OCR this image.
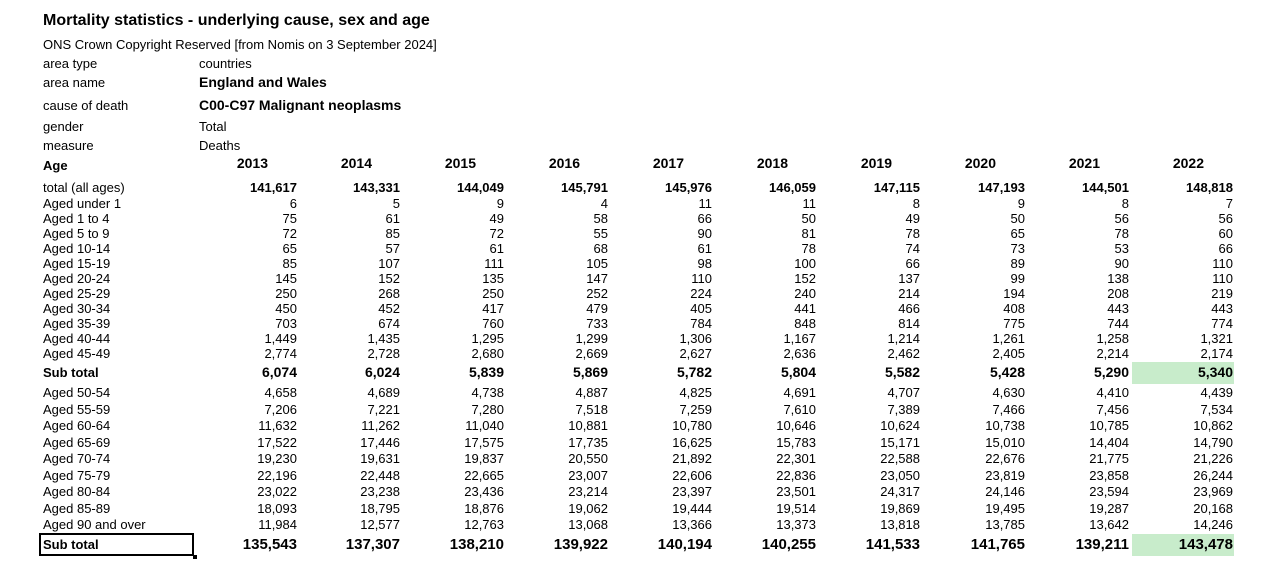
Mortality statistics - underlying cause, sex and age
ONS Crown Copyright Reserved [from Nomis on 3 September 2024]
area type	countries
area name	England and Wales
cause of death	C00-C97 Malignant neoplasms
gender	Total
measure	Deaths
Age	2013	2014	2015	2016	2017	2018	2019	2020	2021	2022
total (all ages)	141,617	143,331	144,049	145,791	145,976	146,059	147,115	147,193	144,501	148,818
Aged under 1	6	5	9	4	11	11	8	9	8	7
Aged 1 to 4	75	61	49	58	66	50	49	50	56	56
Aged 5 to 9	72	85	72	55	90	81	78	65	78	60
Aged 10-14	65	57	61	68	61	78	74	73	53	66
Aged 15-19	85	107	111	105	98	100	66	89	90	110
Aged 20-24	145	152	135	147	110	152	137	99	138	110
Aged 25-29	250	268	250	252	224	240	214	194	208	219
Aged 30-34	450	452	417	479	405	441	466	408	443	443
Aged 35-39	703	674	760	733	784	848	814	775	744	774
Aged 40-44	1,449	1,435	1,295	1,299	1,306	1,167	1,214	1,261	1,258	1,321
Aged 45-49	2,774	2,728	2,680	2,669	2,627	2,636	2,462	2,405	2,214	2,174
Sub total	6,074	6,024	5,839	5,869	5,782	5,804	5,582	5,428	5,290	5,340
Aged 50-54	4,658	4,689	4,738	4,887	4,825	4,691	4,707	4,630	4,410	4,439
Aged 55-59	7,206	7,221	7,280	7,518	7,259	7,610	7,389	7,466	7,456	7,534
Aged 60-64	11,632	11,262	11,040	10,881	10,780	10,646	10,624	10,738	10,785	10,862
Aged 65-69	17,522	17,446	17,575	17,735	16,625	15,783	15,171	15,010	14,404	14,790
Aged 70-74	19,230	19,631	19,837	20,550	21,892	22,301	22,588	22,676	21,775	21,226
Aged 75-79	22,196	22,448	22,665	23,007	22,606	22,836	23,050	23,819	23,858	26,244
Aged 80-84	23,022	23,238	23,436	23,214	23,397	23,501	24,317	24,146	23,594	23,969
Aged 85-89	18,093	18,795	18,876	19,062	19,444	19,514	19,869	19,495	19,287	20,168
Aged 90 and over	11,984	12,577	12,763	13,068	13,366	13,373	13,818	13,785	13,642	14,246
Sub total	135,543	137,307	138,210	139,922	140,194	140,255	141,533	141,765	139,211	143,478
